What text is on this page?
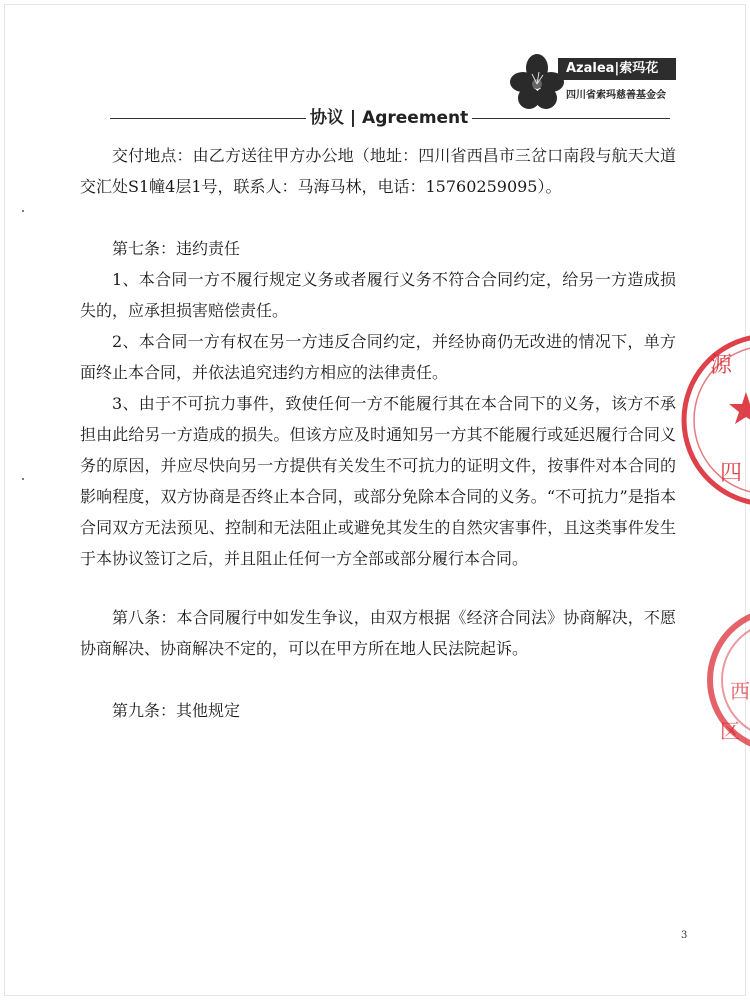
Azalea|索玛花
四川省索玛慈善基金会
协议 | Agreement

交付地点：由乙方送往甲方办公地（地址：四川省西昌市三岔口南段与航天大道交汇处S1幢4层1号，联系人：马海马林，电话：15760259095）。

第七条：违约责任

1、本合同一方不履行规定义务或者履行义务不符合合同约定，给另一方造成损失的，应承担损害赔偿责任。

2、本合同一方有权在另一方违反合同约定，并经协商仍无改进的情况下，单方面终止本合同，并依法追究违约方相应的法律责任。

3、由于不可抗力事件，致使任何一方不能履行其在本合同下的义务，该方不承担由此给另一方造成的损失。但该方应及时通知另一方其不能履行或延迟履行合同义务的原因，并应尽快向另一方提供有关发生不可抗力的证明文件，按事件对本合同的影响程度，双方协商是否终止本合同，或部分免除本合同的义务。“不可抗力”是指本合同双方无法预见、控制和无法阻止或避免其发生的自然灾害事件，且这类事件发生于本协议签订之后，并且阻止任何一方全部或部分履行本合同。

第八条：本合同履行中如发生争议，由双方根据《经济合同法》协商解决，不愿协商解决、协商解决不定的，可以在甲方所在地人民法院起诉。

第九条：其他规定

源
四
西
区
3
